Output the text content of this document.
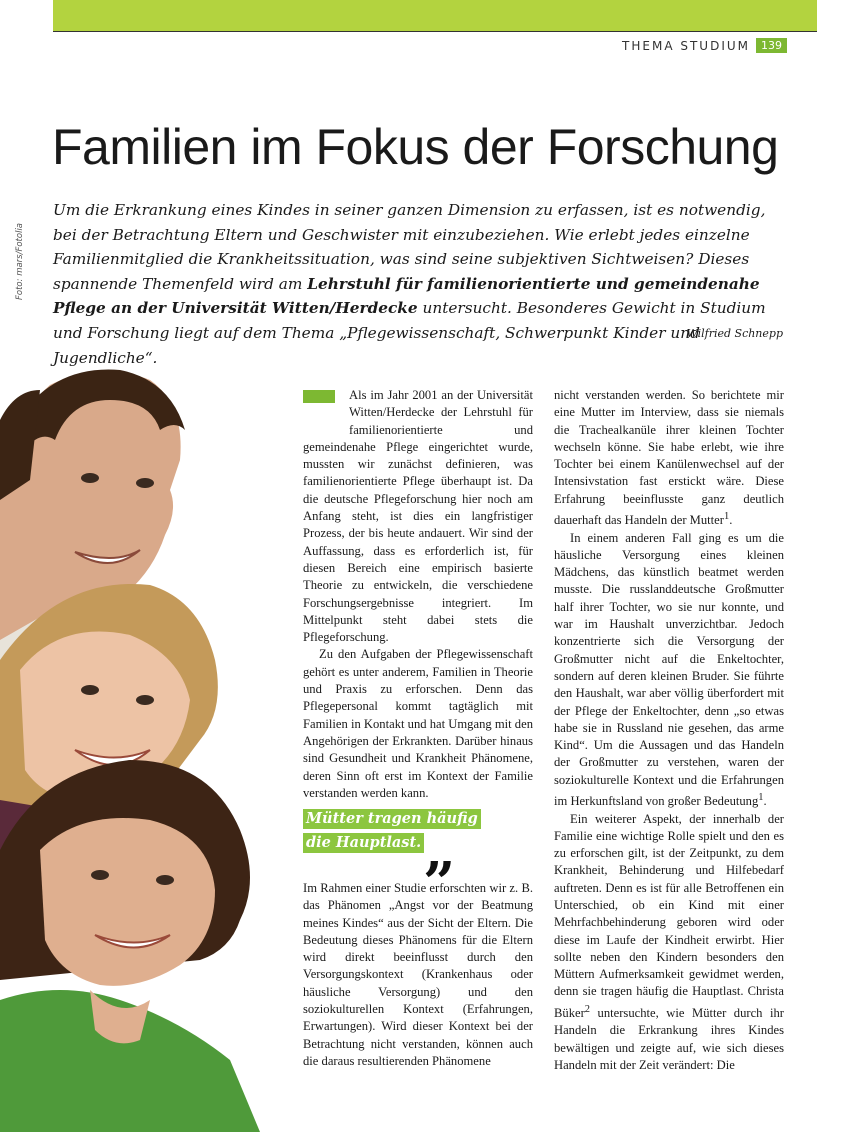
THEMA STUDIUM	139
Familien im Fokus der Forschung

Um die Erkrankung eines Kindes in seiner ganzen Dimension zu erfassen, ist es notwendig, bei der Betrachtung Eltern und Geschwister mit einzubeziehen. Wie erlebt jedes einzelne Familienmitglied die Krankheitssituation, was sind seine subjektiven Sichtweisen? Dieses spannende Themenfeld wird am Lehrstuhl für familienorientierte und gemeindenahe Pflege an der Universität Witten/Herdecke untersucht. Besonderes Gewicht in Studium und Forschung liegt auf dem Thema „Pflegewissenschaft, Schwerpunkt Kinder und Jugendliche“.

Wilfried Schnepp
Foto: mars/Fotolia

Als im Jahr 2001 an der Universität Witten/Herdecke der Lehrstuhl für familienorientierte und gemeindenahe Pflege eingerichtet wurde, mussten wir zunächst definieren, was familienorientierte Pflege überhaupt ist. Da die deutsche Pflegeforschung hier noch am Anfang steht, ist dies ein langfristiger Prozess, der bis heute andauert. Wir sind der Auffassung, dass es erforderlich ist, für diesen Bereich eine empirisch basierte Theorie zu entwickeln, die verschiedene Forschungsergebnisse integriert. Im Mittelpunkt steht dabei stets die Pflegeforschung.

Zu den Aufgaben der Pflegewissenschaft gehört es unter anderem, Familien in Theorie und Praxis zu erforschen. Denn das Pflegepersonal kommt tagtäglich mit Familien in Kontakt und hat Umgang mit den Angehörigen der Erkrankten. Darüber hinaus sind Gesundheit und Krankheit Phänomene, deren Sinn oft erst im Kontext der Familie verstanden werden kann.

Mütter tragen häufig
die Hauptlast. „

Im Rahmen einer Studie erforschten wir z. B. das Phänomen „Angst vor der Beatmung meines Kindes“ aus der Sicht der Eltern. Die Bedeutung dieses Phänomens für die Eltern wird direkt beeinflusst durch den Versorgungskontext (Krankenhaus oder häusliche Versorgung) und den soziokulturellen Kontext (Erfahrungen, Erwartungen). Wird dieser Kontext bei der Betrachtung nicht verstanden, können auch die daraus resultierenden Phänomene

nicht verstanden werden. So berichtete mir eine Mutter im Interview, dass sie niemals die Trachealkanüle ihrer kleinen Tochter wechseln könne. Sie habe erlebt, wie ihre Tochter bei einem Kanülenwechsel auf der Intensivstation fast erstickt wäre. Diese Erfahrung beeinflusste ganz deutlich dauerhaft das Handeln der Mutter$^1$.

In einem anderen Fall ging es um die häusliche Versorgung eines kleinen Mädchens, das künstlich beatmet werden musste. Die russlanddeutsche Großmutter half ihrer Tochter, wo sie nur konnte, und war im Haushalt unverzichtbar. Jedoch konzentrierte sich die Versorgung der Großmutter nicht auf die Enkeltochter, sondern auf deren kleinen Bruder. Sie führte den Haushalt, war aber völlig überfordert mit der Pflege der Enkeltochter, denn „so etwas habe sie in Russland nie gesehen, das arme Kind“. Um die Aussagen und das Handeln der Großmutter zu verstehen, waren der soziokulturelle Kontext und die Erfahrungen im Herkunftsland von großer Bedeutung$^1$.

Ein weiterer Aspekt, der innerhalb der Familie eine wichtige Rolle spielt und den es zu erforschen gilt, ist der Zeitpunkt, zu dem Krankheit, Behinderung und Hilfebedarf auftreten. Denn es ist für alle Betroffenen ein Unterschied, ob ein Kind mit einer Mehrfachbehinderung geboren wird oder diese im Laufe der Kindheit erwirbt. Hier sollte neben den Kindern besonders den Müttern Aufmerksamkeit gewidmet werden, denn sie tragen häufig die Hauptlast. Christa Büker$^2$ untersuchte, wie Mütter durch ihr Handeln die Erkrankung ihres Kindes bewältigen und zeigte auf, wie sich dieses Handeln mit der Zeit verändert: Die
